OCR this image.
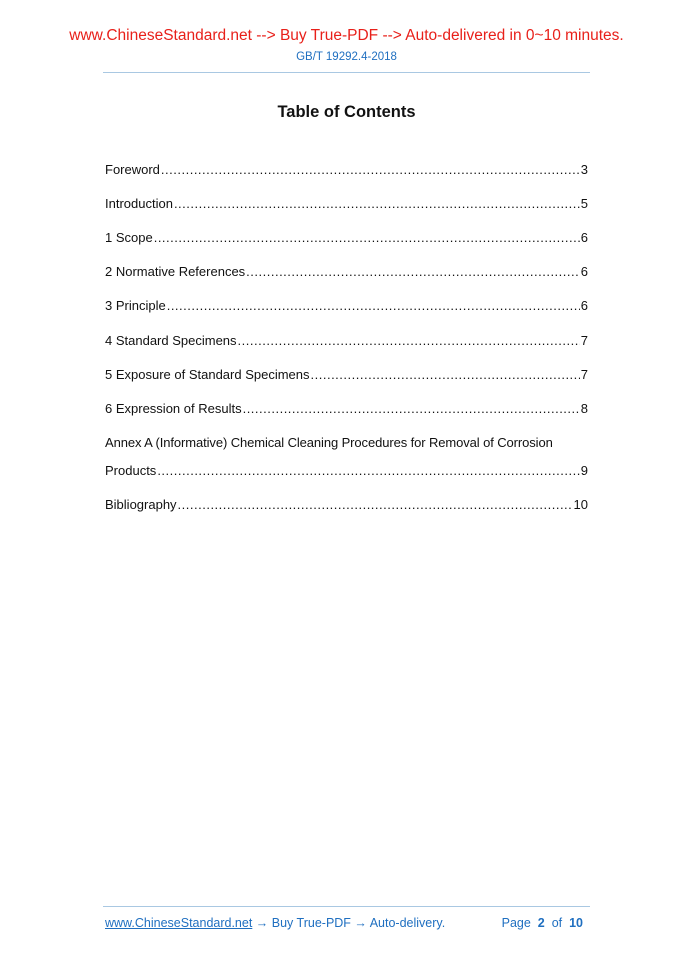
www.ChineseStandard.net --> Buy True-PDF --> Auto-delivered in 0~10 minutes.
GB/T 19292.4-2018
Table of Contents
Foreword .....	3
Introduction .....	5
1 Scope .....	6
2 Normative References .....	6
3 Principle .....	6
4 Standard Specimens .....	7
5 Exposure of Standard Specimens .....	7
6 Expression of Results .....	8
Annex A (Informative) Chemical Cleaning Procedures for Removal of Corrosion
Products .....	9
Bibliography .....	10
www.ChineseStandard.net → Buy True-PDF → Auto-delivery.	Page 2 of 10
